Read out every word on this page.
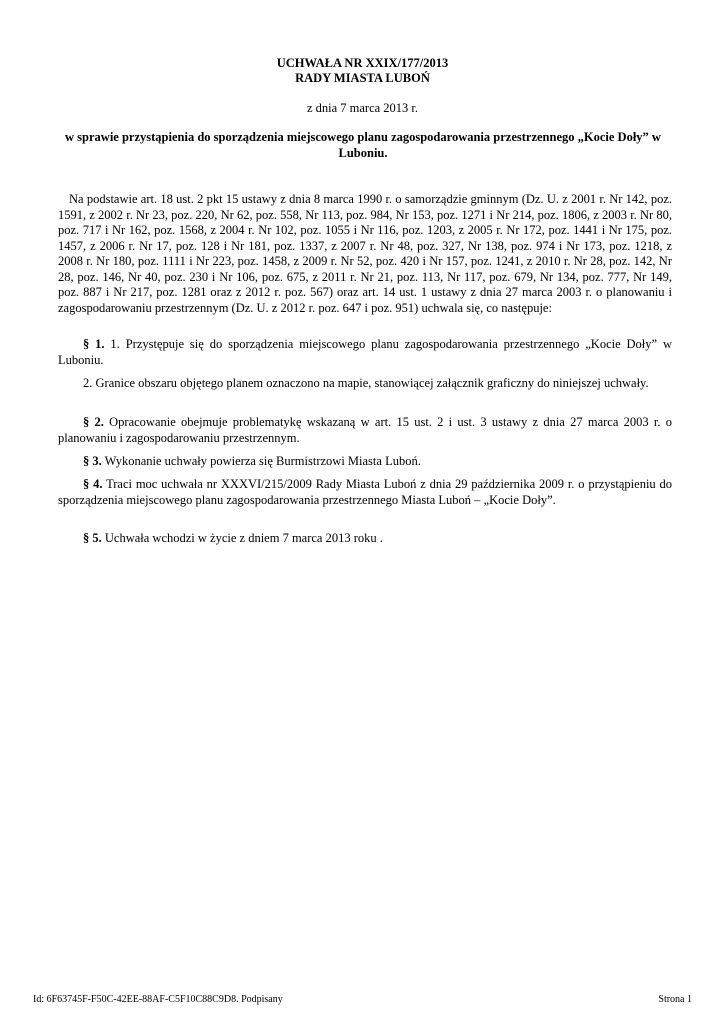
UCHWAŁA NR XXIX/177/2013
RADY MIASTA LUBOŃ
z dnia 7 marca 2013 r.
w sprawie przystąpienia do sporządzenia miejscowego planu zagospodarowania przestrzennego „Kocie Doły” w Luboniu.
Na podstawie art. 18 ust. 2 pkt 15 ustawy z dnia 8 marca 1990 r. o samorządzie gminnym (Dz. U. z 2001 r. Nr 142, poz. 1591, z 2002 r. Nr 23, poz. 220, Nr 62, poz. 558, Nr 113, poz. 984, Nr 153, poz. 1271 i Nr 214, poz. 1806, z 2003 r. Nr 80, poz. 717 i Nr 162, poz. 1568, z 2004 r. Nr 102, poz. 1055 i Nr 116, poz. 1203, z 2005 r. Nr 172, poz. 1441 i Nr 175, poz. 1457, z 2006 r. Nr 17, poz. 128 i Nr 181, poz. 1337, z 2007 r. Nr 48, poz. 327, Nr 138, poz. 974 i Nr 173, poz. 1218, z 2008 r. Nr 180, poz. 1111 i Nr 223, poz. 1458, z 2009 r. Nr 52, poz. 420 i Nr 157, poz. 1241, z 2010 r. Nr 28, poz. 142, Nr 28, poz. 146, Nr 40, poz. 230 i Nr 106, poz. 675, z 2011 r. Nr 21, poz. 113, Nr 117, poz. 679, Nr 134, poz. 777, Nr 149, poz. 887 i Nr 217, poz. 1281 oraz z 2012 r. poz. 567) oraz art. 14 ust. 1 ustawy z dnia 27 marca 2003 r. o planowaniu i zagospodarowaniu przestrzennym (Dz. U. z 2012 r. poz. 647 i poz. 951) uchwala się, co następuje:
§ 1. 1. Przystępuje się do sporządzenia miejscowego planu zagospodarowania przestrzennego „Kocie Doły” w Luboniu.
2. Granice obszaru objętego planem oznaczono na mapie, stanowiącej załącznik graficzny do niniejszej uchwały.
§ 2. Opracowanie obejmuje problematykę wskazaną w art. 15 ust. 2 i ust. 3 ustawy z dnia 27 marca 2003 r. o planowaniu i zagospodarowaniu przestrzennym.
§ 3. Wykonanie uchwały powierza się Burmistrzowi Miasta Luboń.
§ 4. Traci moc uchwała nr XXXVI/215/2009 Rady Miasta Luboń z dnia 29 października 2009 r. o przystąpieniu do sporządzenia miejscowego planu zagospodarowania przestrzennego Miasta Luboń – „Kocie Doły”.
§ 5. Uchwała wchodzi w życie z dniem 7 marca 2013 roku .
Id: 6F63745F-F50C-42EE-88AF-C5F10C88C9D8. Podpisany	Strona 1
